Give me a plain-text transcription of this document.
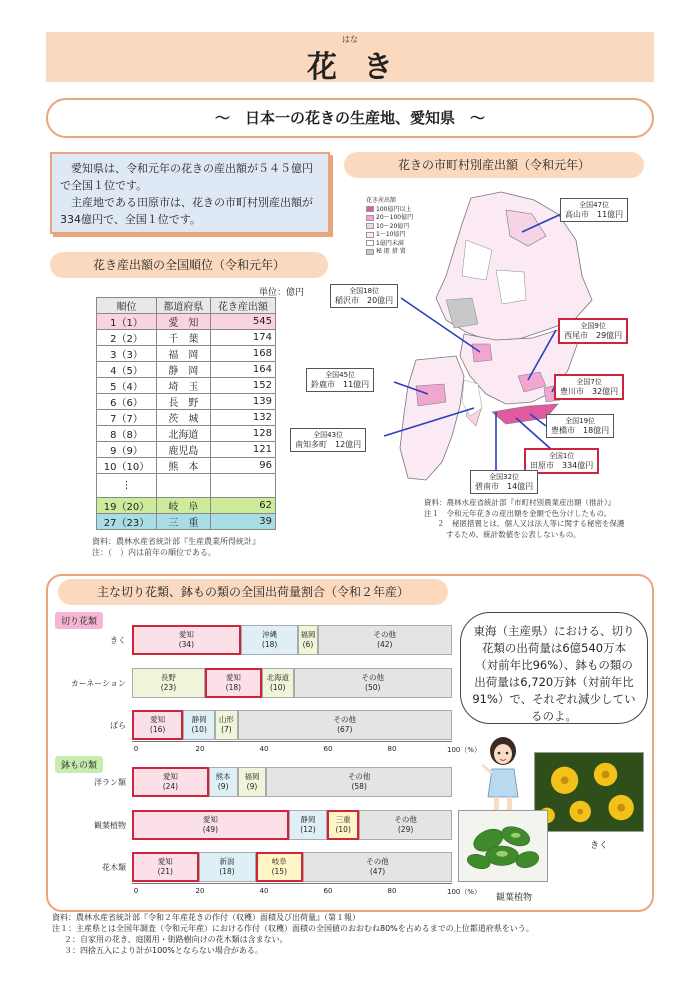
はな
花き
～　日本一の花きの生産地、愛知県　～

愛知県は、令和元年の花きの産出額が５４５億円で全国１位です。

主産地である田原市は、花きの市町村別産出額が334億円で、全国１位です。

花き産出額の全国順位（令和元年）
単位：億円
順位	都道府県	花き産出額
1（1）	愛　知	545
2（2）	千　葉	174
3（3）	福　岡	168
4（5）	静　岡	164
5（4）	埼　玉	152
6（6）	長　野	139
7（7）	茨　城	132
8（8）	北海道	128
9（9）	鹿児島	121
10（10）	熊　本	96
⋮		
19（20）	岐　阜	62
27（23）	三　重	39
資料：農林水産省統計部『生産農業所得統計』
注：（　）内は前年の順位である。
花きの市町村別産出額（令和元年）
花き産出額
100億円以上
20～100億円
10～20億円
1～10億円
1億円未満
秘 匿 措 置
全国47位
高山市　11億円
全国18位
稲沢市　20億円
全国9位
西尾市　29億円
全国45位
鈴鹿市　11億円	全国7位
豊川市　32億円
全国43位
南知多町　12億円
全国19位
豊橋市　18億円
全国1位
田原市　334億円
全国32位
碧南市　14億円
資料：農林水産省統計部『市町村別農業産出額（推計）』
注１　令和元年花きの産出額を金額で色分けしたもの。
２　秘匿措置とは、個人又は法人等に関する秘密を保護
するため、統計数値を公表しないもの。
主な切り花類、鉢もの類の全国出荷量割合（令和２年産）
切り花類
鉢もの類
きく
愛知
(34)
沖縄
(18)
福岡
(6)
その他
(42)
カーネーション
長野
(23)
愛知
(18)
北海道
(10)
その他
(50)
ばら
愛知
(16)
静岡
(10)
山形
(7)
その他
(67)
0	20	40	60	80	100（%）
洋ラン類
愛知
(24)
熊本
(9)
福岡
(9)
その他
(58)
観葉植物
愛知
(49)
静岡
(12)
三重
(10)
その他
(29)
花木類
愛知
(21)
新潟
(18)
岐阜
(15)
その他
(47)
0	20	40	60	80	100（%）
東海（主産県）における、切り花類の出荷量は6億540万本（対前年比96%）、鉢もの類の出荷量は6,720万鉢（対前年比91%）で、それぞれ減少しているのよ。
きく
観葉植物
資料：農林水産省統計部『令和２年産花きの作付（収穫）面積及び出荷量』（第１報）
注１：主産県とは全国年調査（令和元年産）における作付（収穫）面積の全国値のおおむね80%を占めるまでの上位都道府県をいう。
２：自家用の花き、庭園用・街路樹向けの花木類は含まない。
３：四捨五入により計が100%とならない場合がある。
